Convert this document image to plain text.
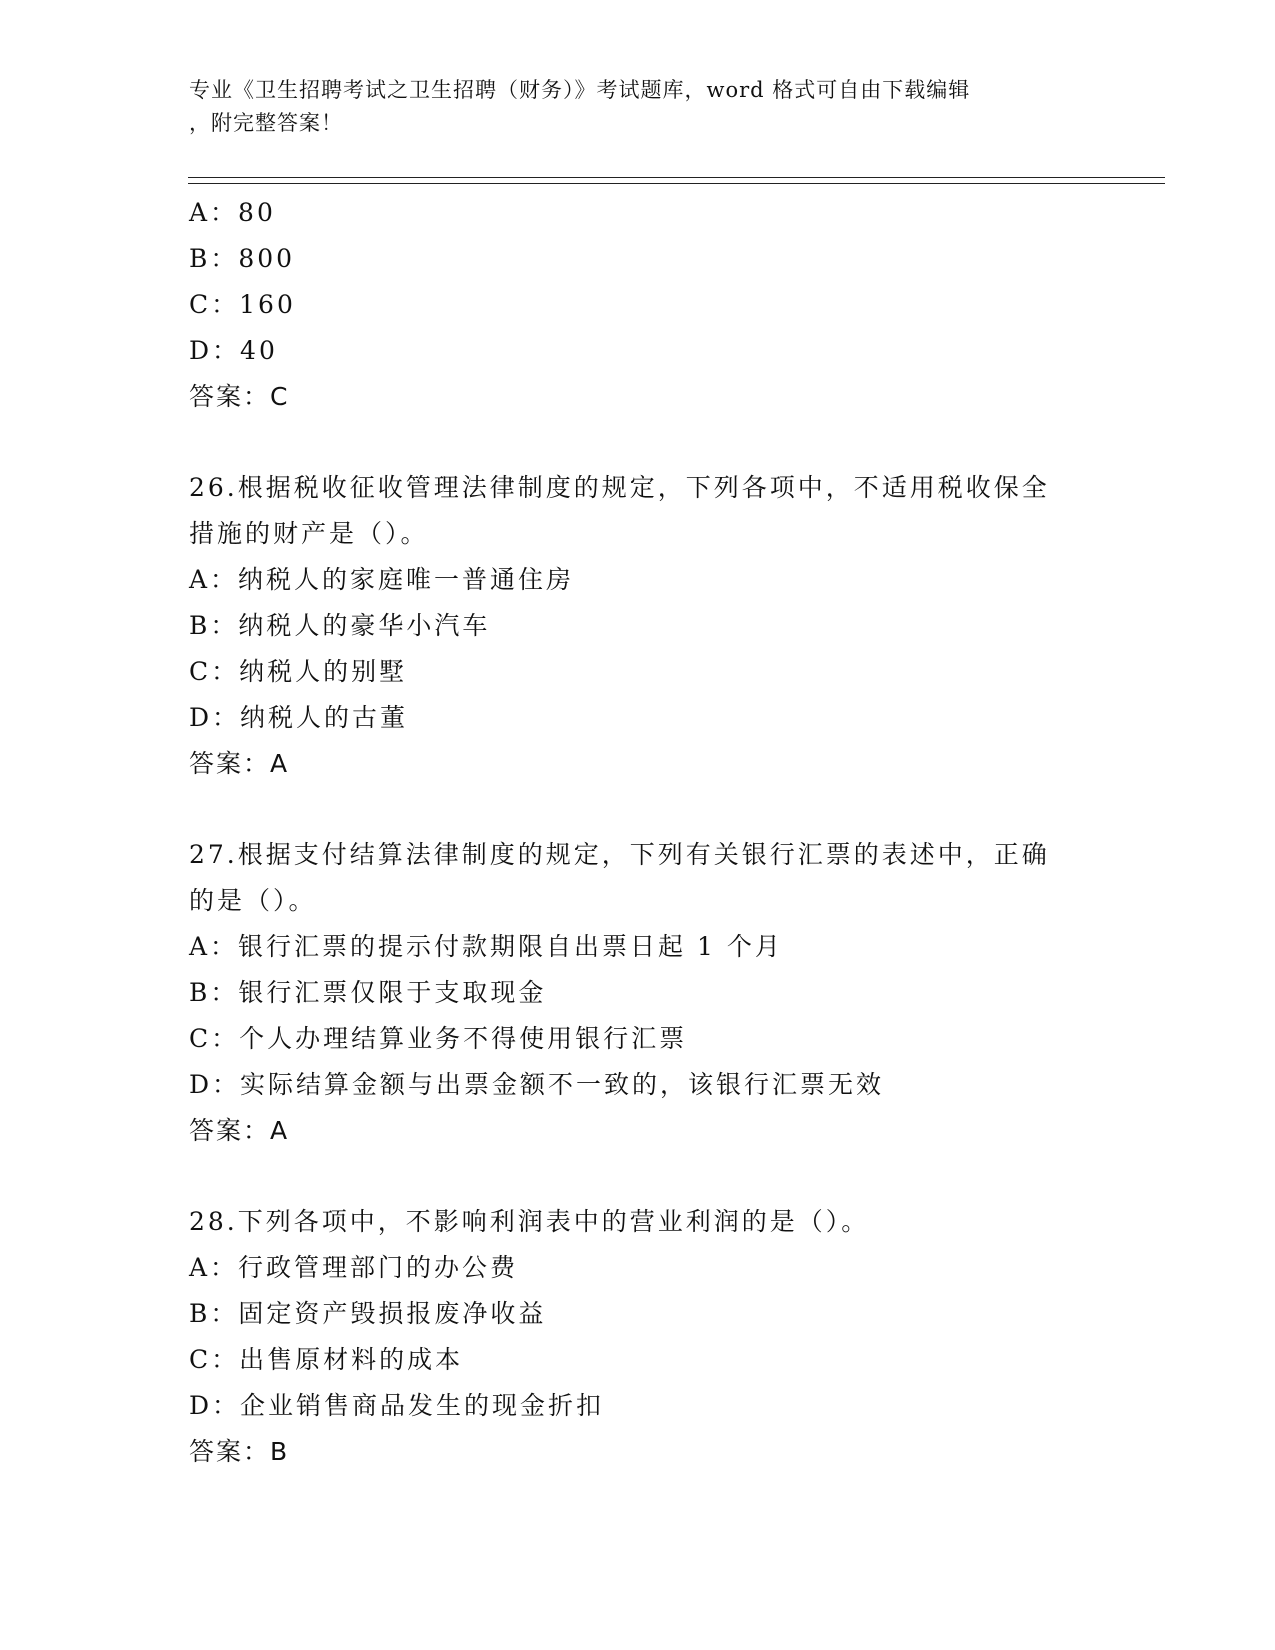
专业《卫生招聘考试之卫生招聘（财务）》考试题库，word 格式可自由下载编辑
，附完整答案！
A：80
B：800
C：160
D：40
答案：C
26.根据税收征收管理法律制度的规定，下列各项中，不适用税收保全
措施的财产是（）。
A：纳税人的家庭唯一普通住房
B：纳税人的豪华小汽车
C：纳税人的别墅
D：纳税人的古董
答案：A
27.根据支付结算法律制度的规定，下列有关银行汇票的表述中，正确
的是（）。
A：银行汇票的提示付款期限自出票日起 1 个月
B：银行汇票仅限于支取现金
C：个人办理结算业务不得使用银行汇票
D：实际结算金额与出票金额不一致的，该银行汇票无效
答案：A
28.下列各项中，不影响利润表中的营业利润的是（）。
A：行政管理部门的办公费
B：固定资产毁损报废净收益
C：出售原材料的成本
D：企业销售商品发生的现金折扣
答案：B
